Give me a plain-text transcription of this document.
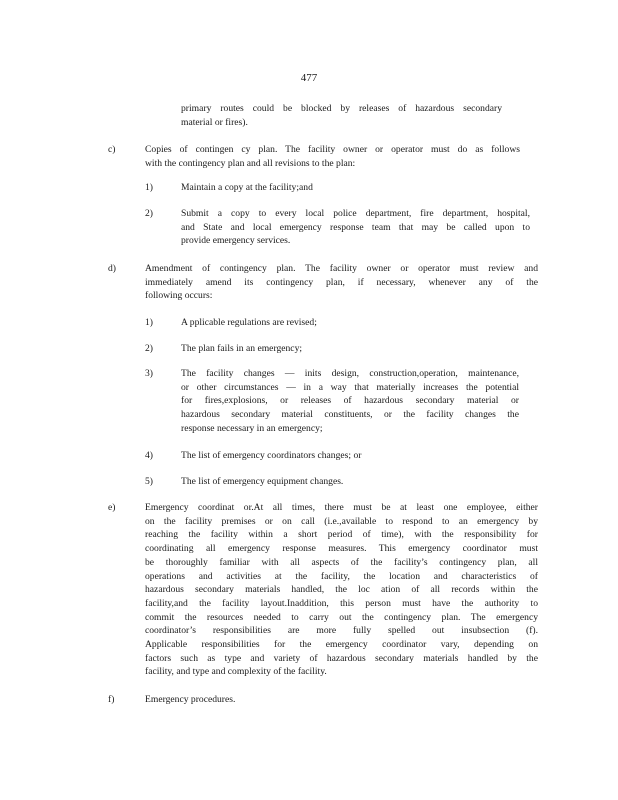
477
primary routes could be blocked by releases of hazardous secondary
material or fires).
c)	Copies of contingen cy plan. The facility owner or operator must do as follows
with the contingency plan and all revisions to the plan:
1)	Maintain a copy at the facility;and
2)	Submit a copy to every local police department, fire department, hospital,
and State and local emergency response team that may be called upon to
provide emergency services.
d)	Amendment of contingency plan. The facility owner or operator must review and
immediately amend its contingency plan, if necessary, whenever any of the
following occurs:
1)	A pplicable regulations are revised;
2)	The plan fails in an emergency;
3)	The facility changes — inits design, construction,operation, maintenance,
or other circumstances — in a way that materially increases the potential
for fires,explosions, or releases of hazardous secondary material or
hazardous secondary material constituents, or the facility changes the
response necessary in an emergency;
4)	The list of emergency coordinators changes; or
5)	The list of emergency equipment changes.
e)	Emergency coordinat or.At all times, there must be at least one employee, either
on the facility premises or on call (i.e.,available to respond to an emergency by
reaching the facility within a short period of time), with the responsibility for
coordinating all emergency response measures. This emergency coordinator must
be thoroughly familiar with all aspects of the facility’s contingency plan, all
operations and activities at the facility, the location and characteristics of
hazardous secondary materials handled, the loc ation of all records within the
facility,and the facility layout.Inaddition, this person must have the authority to
commit the resources needed to carry out the contingency plan. The emergency
coordinator’s responsibilities are more fully spelled out insubsection (f).
Applicable responsibilities for the emergency coordinator vary, depending on
factors such as type and variety of hazardous secondary materials handled by the
facility, and type and complexity of the facility.
f)	Emergency procedures.
